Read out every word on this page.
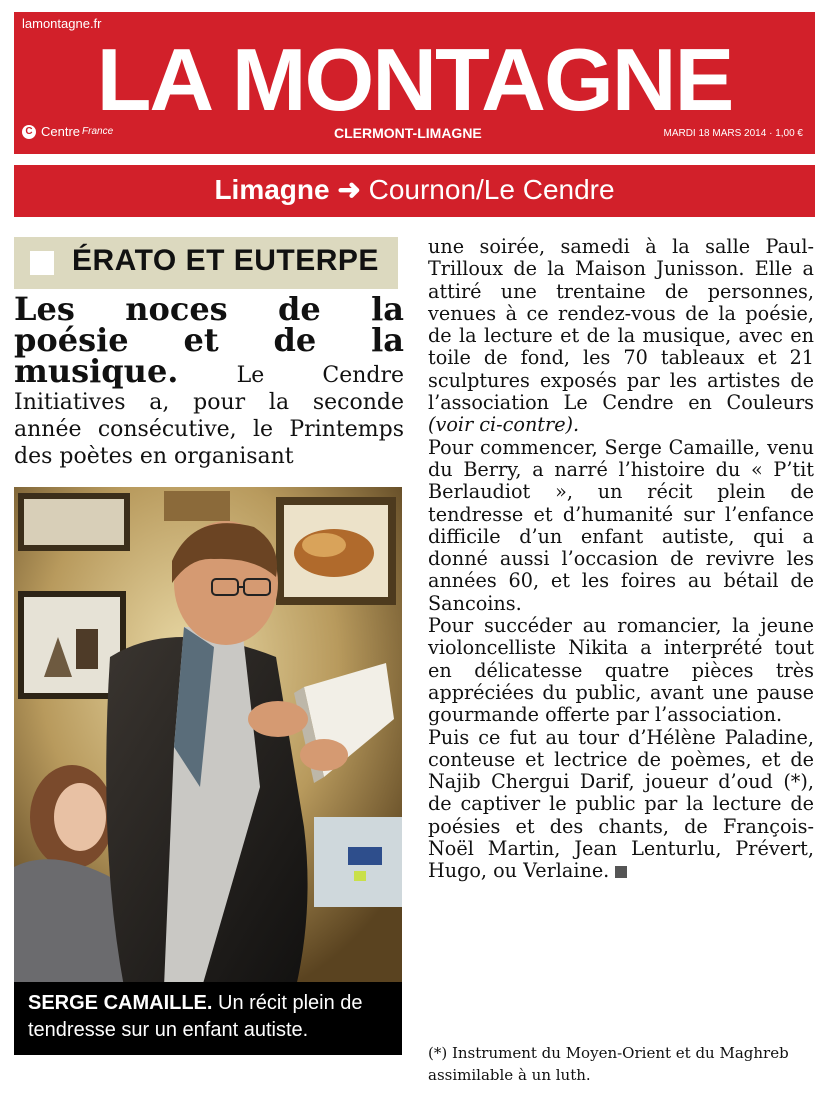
lamontagne.fr
LA MONTAGNE
C Centre France	CLERMONT-LIMAGNE	MARDI 18 MARS 2014 · 1,00 €
Limagne ➜ Cournon/Le Cendre
ÉRATO ET EUTERPE
Les noces de la poésie et de la musique.	Le Cendre Initiatives a, pour la seconde année consécutive, le Printemps des poètes en organisant
SERGE CAMAILLE. Un récit plein de tendresse sur un enfant autiste.

une soirée, samedi à la salle Paul-Trilloux de la Maison Junisson. Elle a attiré une trentaine de personnes, venues à ce rendez-vous de la poésie, de la lecture et de la musique, avec en toile de fond, les 70 tableaux et 21 sculptures exposés par les artistes de l’association Le Cendre en Couleurs (voir ci-contre).

Pour commencer, Serge Camaille, venu du Berry, a narré l’histoire du « P’tit Berlaudiot », un récit plein de tendresse et d’humanité sur l’enfance difficile d’un enfant autiste, qui a donné aussi l’occasion de revivre les années 60, et les foires au bétail de Sancoins.

Pour succéder au romancier, la jeune violoncelliste Nikita a interprété tout en délicatesse quatre pièces très appréciées du public, avant une pause gourmande offerte par l’association.

Puis ce fut au tour d’Hélène Paladine, conteuse et lectrice de poèmes, et de Najib Chergui Darif, joueur d’oud (*), de captiver le public par la lecture de poésies et des chants, de François-Noël Martin, Jean Lenturlu, Prévert, Hugo, ou Verlaine.

(*) Instrument du Moyen-Orient et du Maghreb assimilable à un luth.
